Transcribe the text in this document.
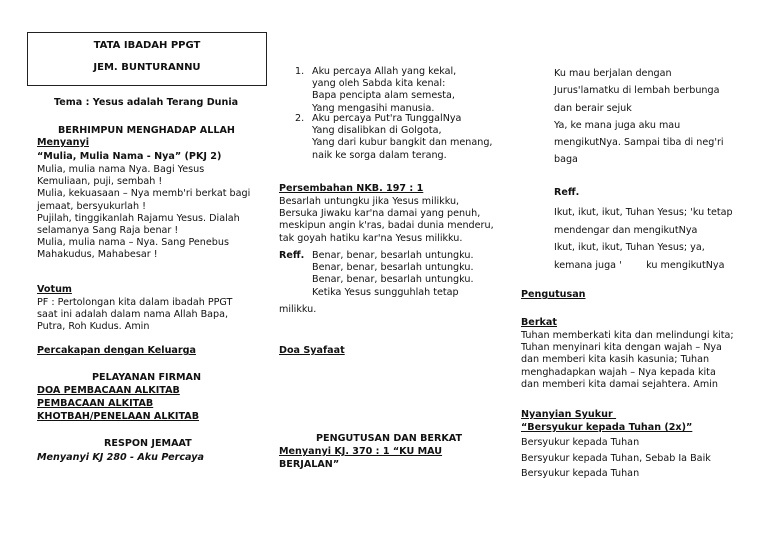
TATA IBADAH PPGT
JEM. BUNTURANNU
Tema : Yesus adalah Terang Dunia
BERHIMPUN MENGHADAP ALLAH
Menyanyi
“Mulia, Mulia Nama - Nya” (PKJ 2)
Mulia, mulia nama Nya. Bagi Yesus
Kemuliaan, puji, sembah !
Mulia, kekuasaan – Nya memb'ri berkat bagi
jemaat, bersyukurlah !
Pujilah, tinggikanlah Rajamu Yesus. Dialah
selamanya Sang Raja benar !
Mulia, mulia nama – Nya. Sang Penebus
Mahakudus, Mahabesar !
Votum
PF : Pertolongan kita dalam ibadah PPGT
saat ini adalah dalam nama Allah Bapa,
Putra, Roh Kudus. Amin
Percakapan dengan Keluarga
PELAYANAN FIRMAN
DOA PEMBACAAN ALKITAB
PEMBACAAN ALKITAB
KHOTBAH/PENELAAN ALKITAB
RESPON JEMAAT
Menyanyi KJ 280 - Aku Percaya
1. Aku percaya Allah yang kekal,
yang oleh Sabda kita kenal:
Bapa pencipta alam semesta,
Yang mengasihi manusia.
2. Aku percaya Put'ra TunggalNya
Yang disalibkan di Golgota,
Yang dari kubur bangkit dan menang,
naik ke sorga dalam terang.
Persembahan NKB. 197 : 1
Besarlah untungku jika Yesus milikku,
Bersuka Jiwaku kar'na damai yang penuh,
meskipun angin k'ras, badai dunia menderu,
tak goyah hatiku kar'na Yesus milikku.
Reff. Benar, benar, besarlah untungku.
Benar, benar, besarlah untungku.
Benar, benar, besarlah untungku.
Ketika Yesus sungguhlah tetap
milikku.
Doa Syafaat
PENGUTUSAN DAN BERKAT
Menyanyi KJ. 370 : 1 “KU MAU
BERJALAN”
Ku mau berjalan dengan
Jurus'lamatku di lembah berbunga
dan berair sejuk
Ya, ke mana juga aku mau
mengikutNya. Sampai tiba di neg'ri
baga
Reff.
Ikut, ikut, ikut, Tuhan Yesus; 'ku tetap
mendengar dan mengikutNya
Ikut, ikut, ikut, Tuhan Yesus; ya,
kemana juga '        ku mengikutNya
Pengutusan
Berkat
Tuhan memberkati kita dan melindungi kita;
Tuhan menyinari kita dengan wajah – Nya
dan memberi kita kasih kasunia; Tuhan
menghadapkan wajah – Nya kepada kita
dan memberi kita damai sejahtera. Amin
Nyanyian Syukur
“Bersyukur kepada Tuhan (2x)”
Bersyukur kepada Tuhan
Bersyukur kepada Tuhan, Sebab Ia Baik
Bersyukur kepada Tuhan
